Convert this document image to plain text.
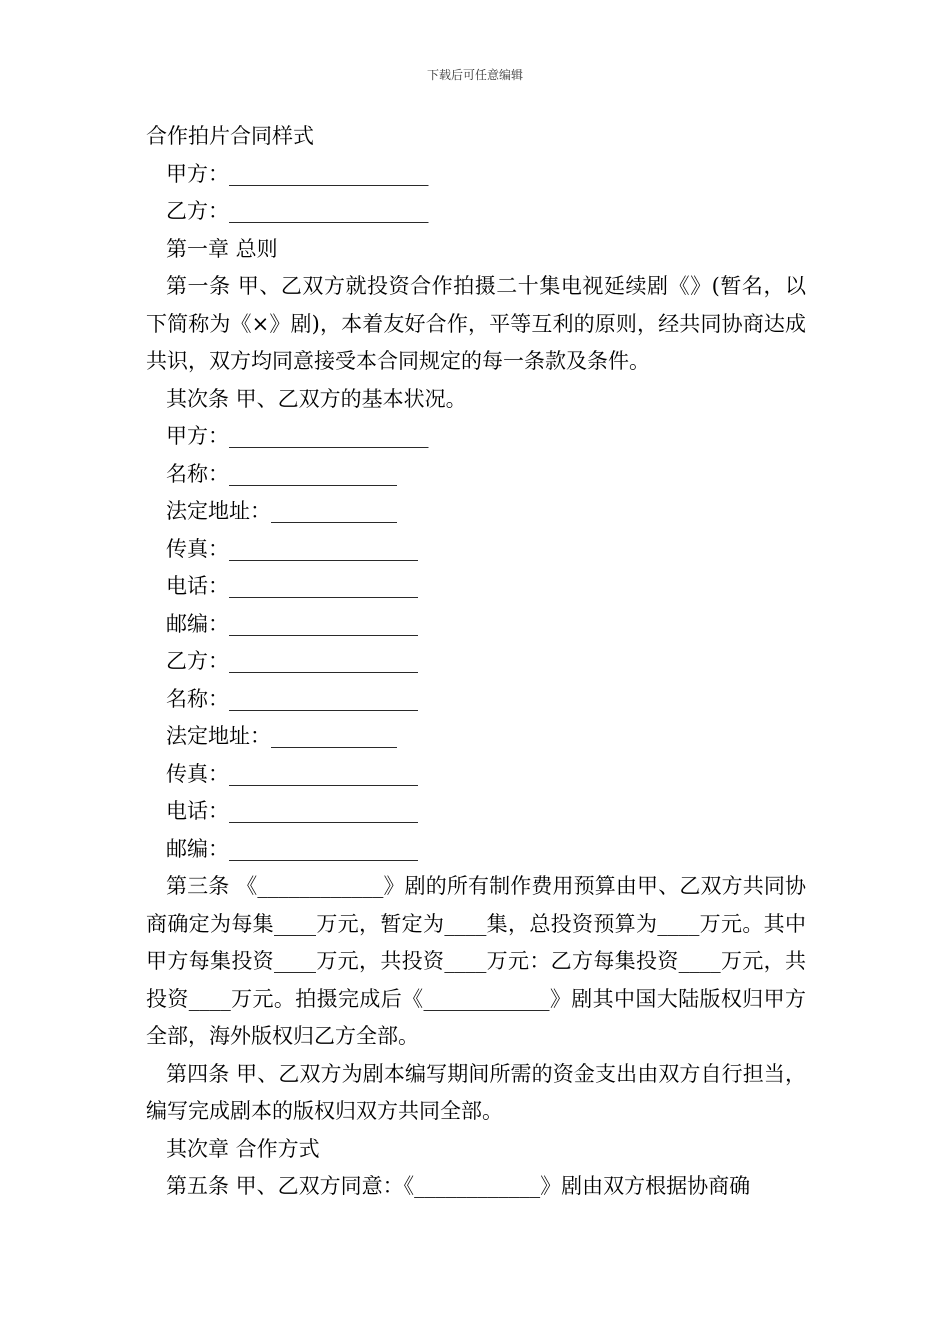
下载后可任意编辑
合作拍片合同样式
甲方：___________________
乙方：___________________
第一章 总则
第一条 甲、乙双方就投资合作拍摄二十集电视延续剧《》(暂名，以下简称为《×》剧)，本着友好合作，平等互利的原则，经共同协商达成共识，双方均同意接受本合同规定的每一条款及条件。
其次条 甲、乙双方的基本状况。
甲方：___________________
名称：________________
法定地址：____________
传真：__________________
电话：__________________
邮编：__________________
乙方：__________________
名称：__________________
法定地址：____________
传真：__________________
电话：__________________
邮编：__________________
第三条 《____________》剧的所有制作费用预算由甲、乙双方共同协商确定为每集____万元，暂定为____集，总投资预算为____万元。其中甲方每集投资____万元，共投资____万元：乙方每集投资____万元，共投资____万元。拍摄完成后《____________》剧其中国大陆版权归甲方全部，海外版权归乙方全部。
第四条 甲、乙双方为剧本编写期间所需的资金支出由双方自行担当，编写完成剧本的版权归双方共同全部。
其次章 合作方式
第五条 甲、乙双方同意：《____________》剧由双方根据协商确
